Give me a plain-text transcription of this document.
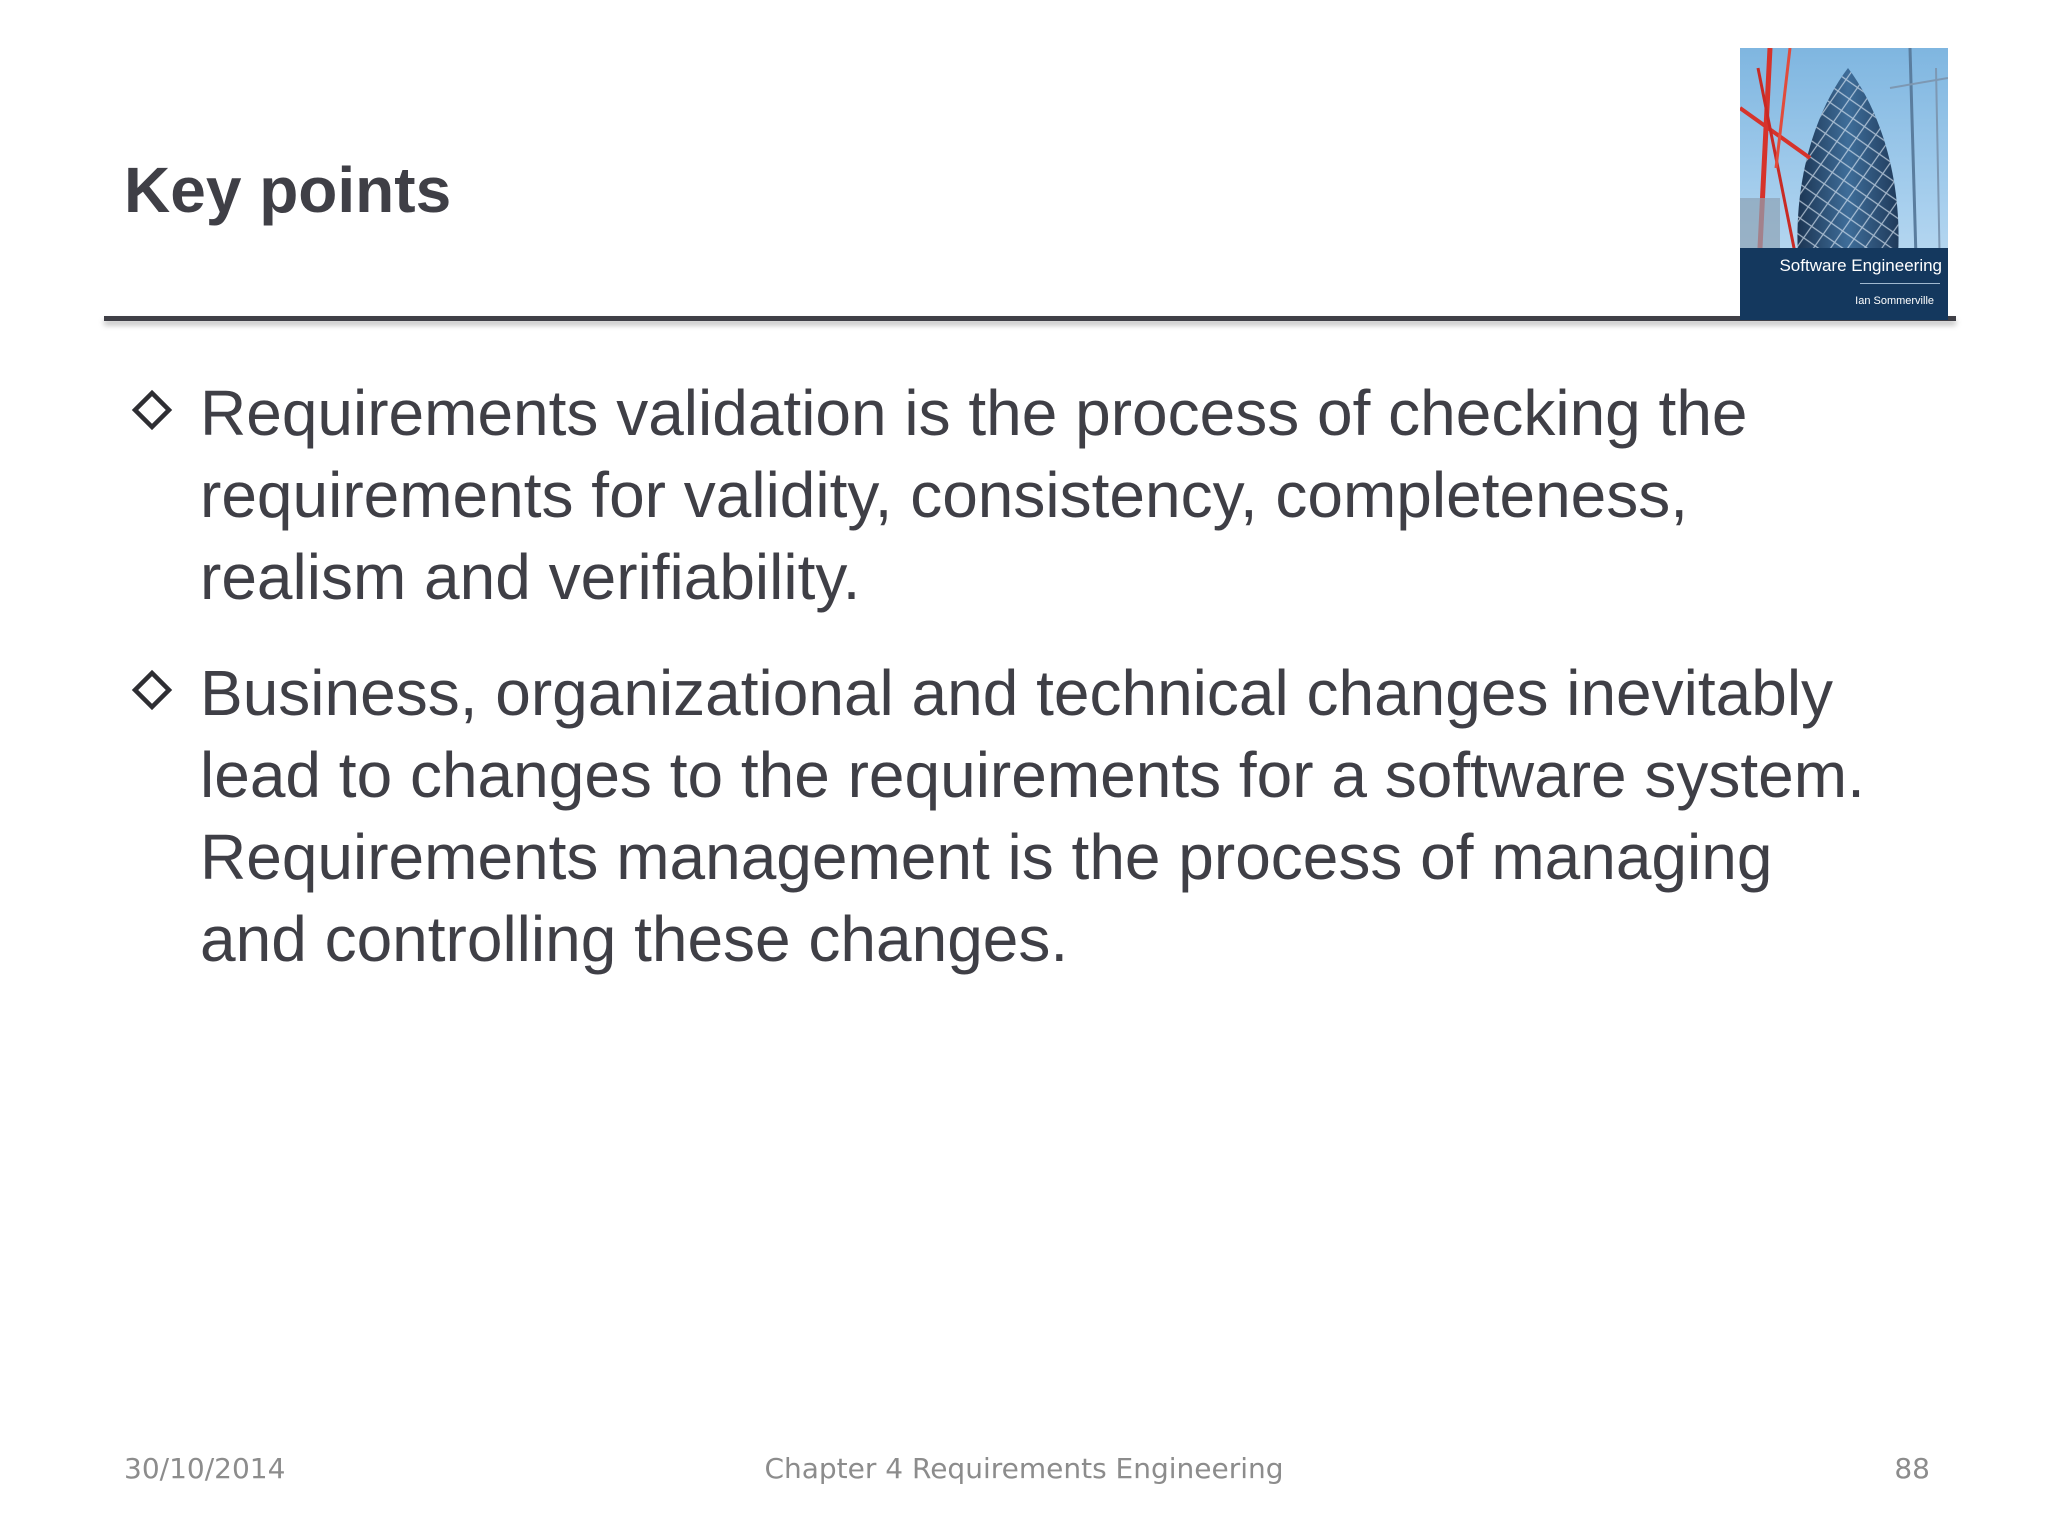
Key points
Software Engineering
Ian Sommerville
Requirements validation is the process of checking the requirements for validity, consistency, completeness, realism and verifiability.
Business, organizational and technical changes inevitably lead to changes to the requirements for a software system. Requirements management is the process of managing and controlling these changes.
30/10/2014	Chapter 4 Requirements Engineering	88
